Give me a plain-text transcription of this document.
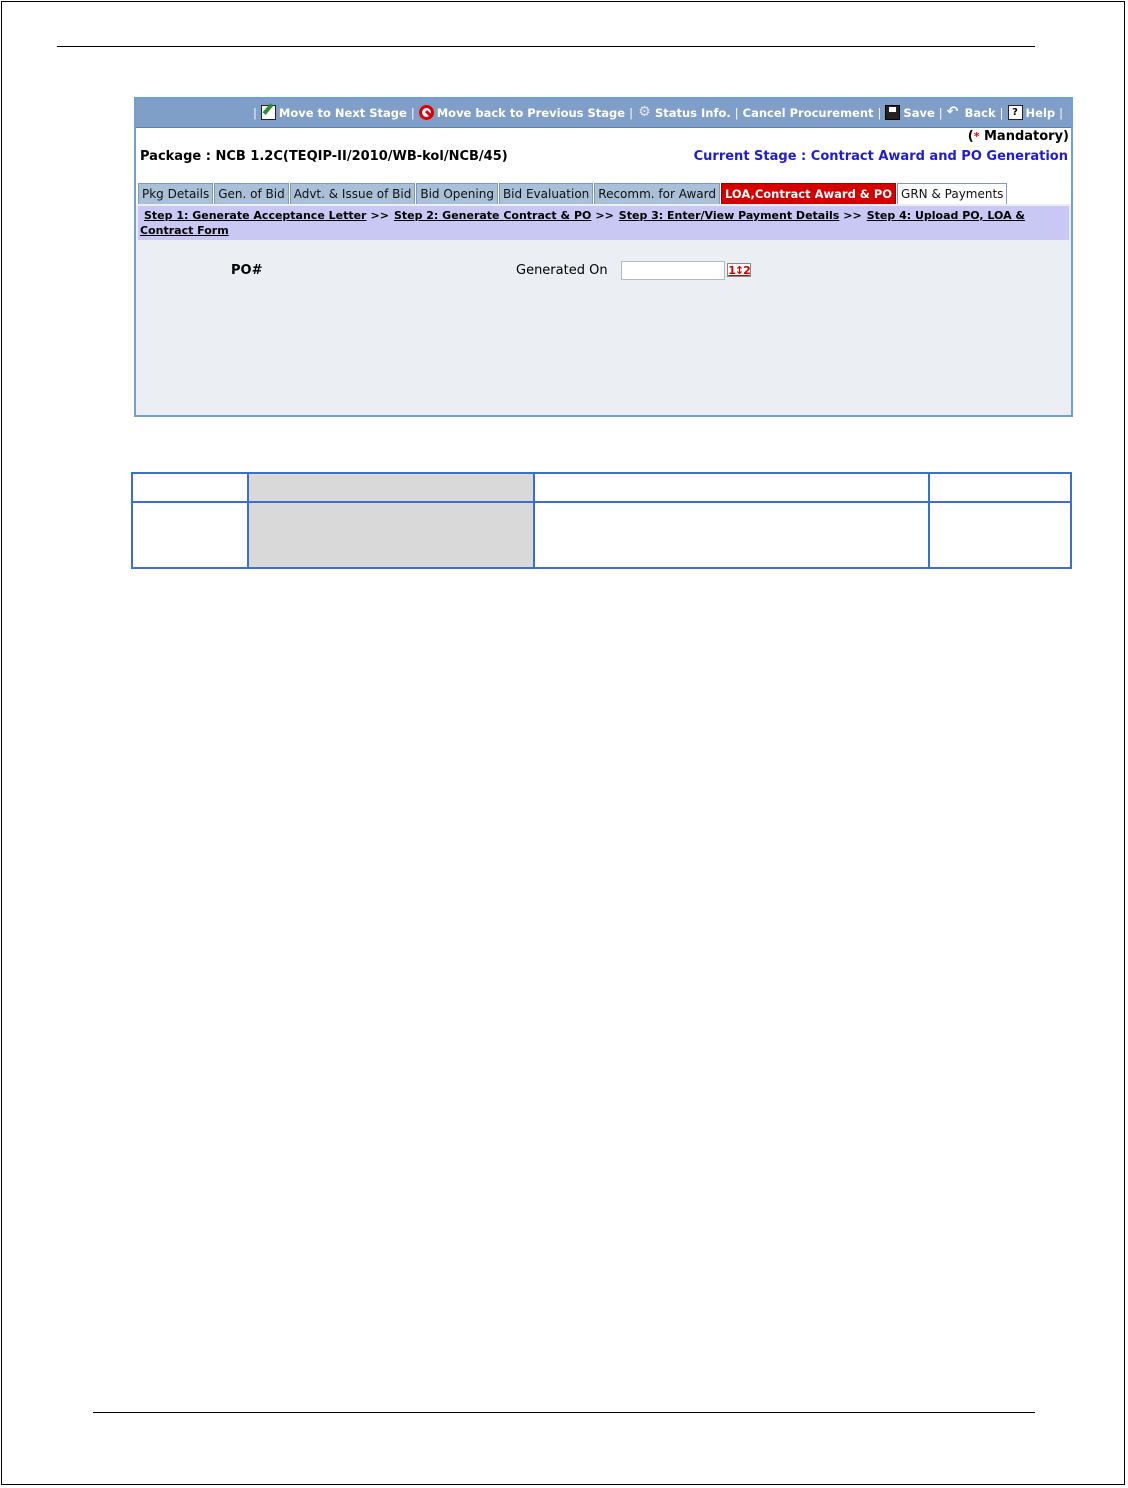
| Move to Next Stage | Move back to Previous Stage | ⚙ Status Info. | Cancel Procurement | Save | ↶ Back | ? Help |
(* Mandatory)
Package : NCB 1.2C(TEQIP-II/2010/WB-kol/NCB/45)	Current Stage : Contract Award and PO Generation
Pkg Details Gen. of Bid Advt. & Issue of Bid Bid Opening Bid Evaluation Recomm. for Award LOA,Contract Award & PO GRN & Payments
Step 1: Generate Acceptance Letter >> Step 2: Generate Contract & PO >> Step 3: Enter/View Payment Details >> Step 4: Upload PO, LOA &
Contract Form
PO#	Generated On	1↕2
